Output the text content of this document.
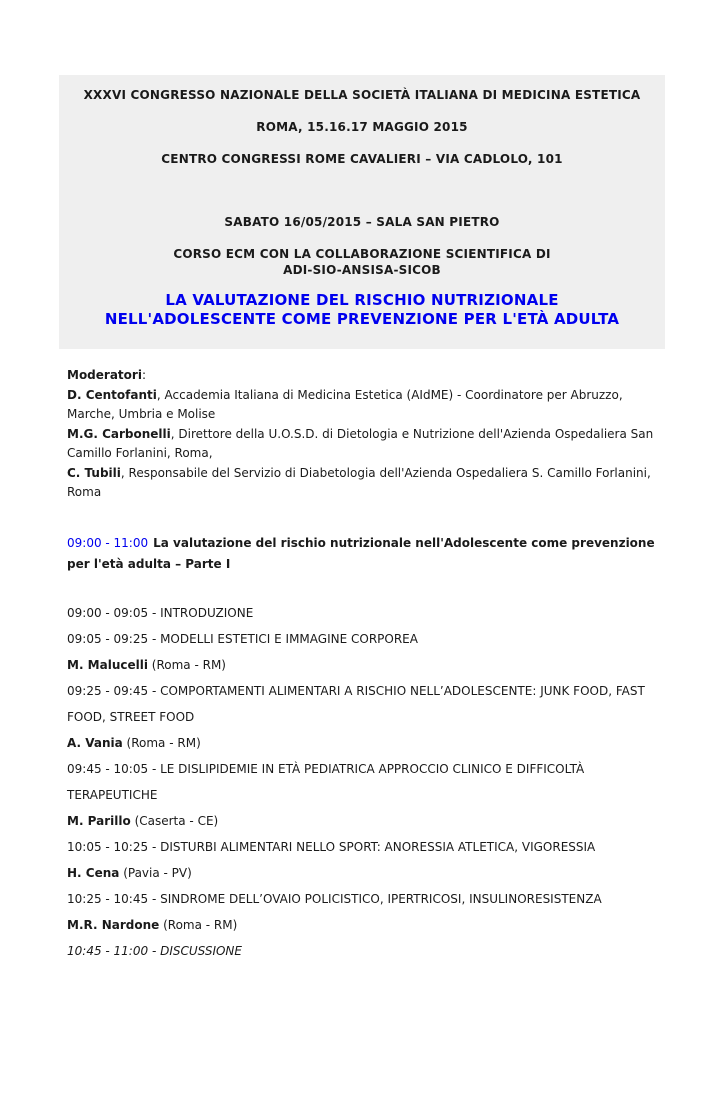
XXXVI CONGRESSO NAZIONALE DELLA SOCIETÀ ITALIANA DI MEDICINA ESTETICA

ROMA, 15.16.17 MAGGIO 2015

CENTRO CONGRESSI ROME CAVALIERI – VIA CADLOLO, 101

SABATO 16/05/2015 – SALA SAN PIETRO

CORSO ECM CON LA COLLABORAZIONE SCIENTIFICA DI
ADI-SIO-ANSISA-SICOB

LA VALUTAZIONE DEL RISCHIO NUTRIZIONALE
NELL'ADOLESCENTE COME PREVENZIONE PER L'ETÀ ADULTA

Moderatori:

D. Centofanti, Accademia Italiana di Medicina Estetica (AIdME) - Coordinatore per Abruzzo, Marche, Umbria e Molise

M.G. Carbonelli, Direttore della U.O.S.D. di Dietologia e Nutrizione dell'Azienda Ospedaliera San Camillo Forlanini, Roma,

C. Tubili, Responsabile del Servizio di Diabetologia dell'Azienda Ospedaliera S. Camillo Forlanini, Roma

09:00 - 11:00 La valutazione del rischio nutrizionale nell'Adolescente come prevenzione per l'età adulta – Parte I

09:00 - 09:05 - INTRODUZIONE

09:05 - 09:25 - MODELLI ESTETICI E IMMAGINE CORPOREA

M. Malucelli (Roma - RM)

09:25 - 09:45 - COMPORTAMENTI ALIMENTARI A RISCHIO NELL’ADOLESCENTE: JUNK FOOD, FAST FOOD, STREET FOOD

A. Vania (Roma - RM)

09:45 - 10:05 - LE DISLIPIDEMIE IN ETÀ PEDIATRICA APPROCCIO CLINICO E DIFFICOLTÀ TERAPEUTICHE

M. Parillo (Caserta - CE)

10:05 - 10:25 - DISTURBI ALIMENTARI NELLO SPORT: ANORESSIA ATLETICA, VIGORESSIA

H. Cena (Pavia - PV)

10:25 - 10:45 - SINDROME DELL’OVAIO POLICISTICO, IPERTRICOSI, INSULINORESISTENZA

M.R. Nardone (Roma - RM)

10:45 - 11:00 - DISCUSSIONE
